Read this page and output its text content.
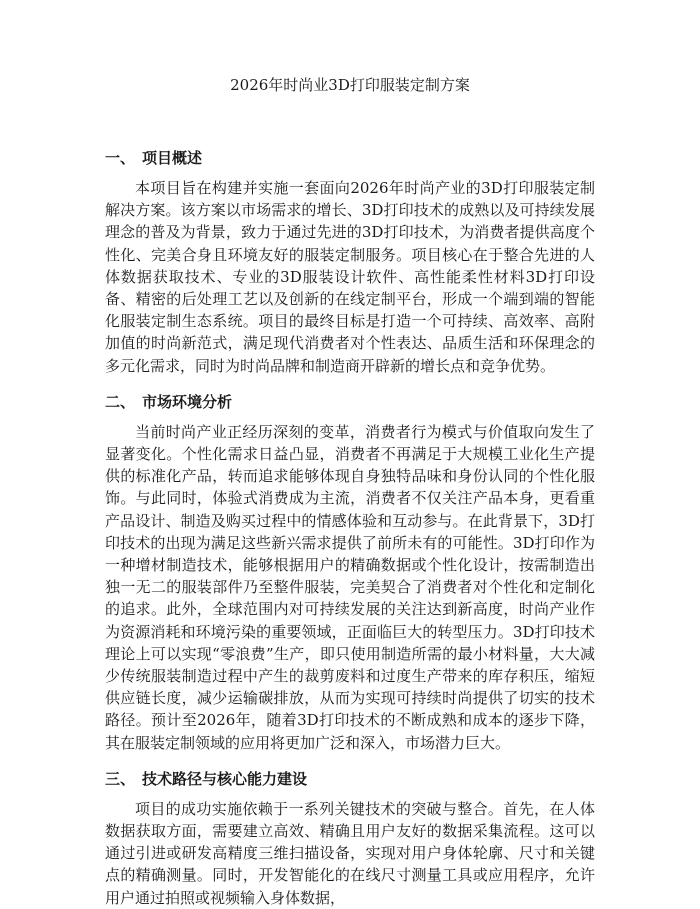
2026年时尚业3D打印服装定制方案
一、 项目概述

本项目旨在构建并实施一套面向2026年时尚产业的3D打印服装定制解决方案。该方案以市场需求的增长、3D打印技术的成熟以及可持续发展理念的普及为背景，致力于通过先进的3D打印技术，为消费者提供高度个性化、完美合身且环境友好的服装定制服务。项目核心在于整合先进的人体数据获取技术、专业的3D服装设计软件、高性能柔性材料3D打印设备、精密的后处理工艺以及创新的在线定制平台，形成一个端到端的智能化服装定制生态系统。项目的最终目标是打造一个可持续、高效率、高附加值的时尚新范式，满足现代消费者对个性表达、品质生活和环保理念的多元化需求，同时为时尚品牌和制造商开辟新的增长点和竞争优势。

二、 市场环境分析

当前时尚产业正经历深刻的变革，消费者行为模式与价值取向发生了显著变化。个性化需求日益凸显，消费者不再满足于大规模工业化生产提供的标准化产品，转而追求能够体现自身独特品味和身份认同的个性化服饰。与此同时，体验式消费成为主流，消费者不仅关注产品本身，更看重产品设计、制造及购买过程中的情感体验和互动参与。在此背景下，3D打印技术的出现为满足这些新兴需求提供了前所未有的可能性。3D打印作为一种增材制造技术，能够根据用户的精确数据或个性化设计，按需制造出独一无二的服装部件乃至整件服装，完美契合了消费者对个性化和定制化的追求。此外，全球范围内对可持续发展的关注达到新高度，时尚产业作为资源消耗和环境污染的重要领域，正面临巨大的转型压力。3D打印技术理论上可以实现“零浪费”生产，即只使用制造所需的最小材料量，大大减少传统服装制造过程中产生的裁剪废料和过度生产带来的库存积压，缩短供应链长度，减少运输碳排放，从而为实现可持续时尚提供了切实的技术路径。预计至2026年，随着3D打印技术的不断成熟和成本的逐步下降，其在服装定制领域的应用将更加广泛和深入，市场潜力巨大。

三、 技术路径与核心能力建设

项目的成功实施依赖于一系列关键技术的突破与整合。首先，在人体数据获取方面，需要建立高效、精确且用户友好的数据采集流程。这可以通过引进或研发高精度三维扫描设备，实现对用户身体轮廓、尺寸和关键点的精确测量。同时，开发智能化的在线尺寸测量工具或应用程序，允许用户通过拍照或视频输入身体数据，
